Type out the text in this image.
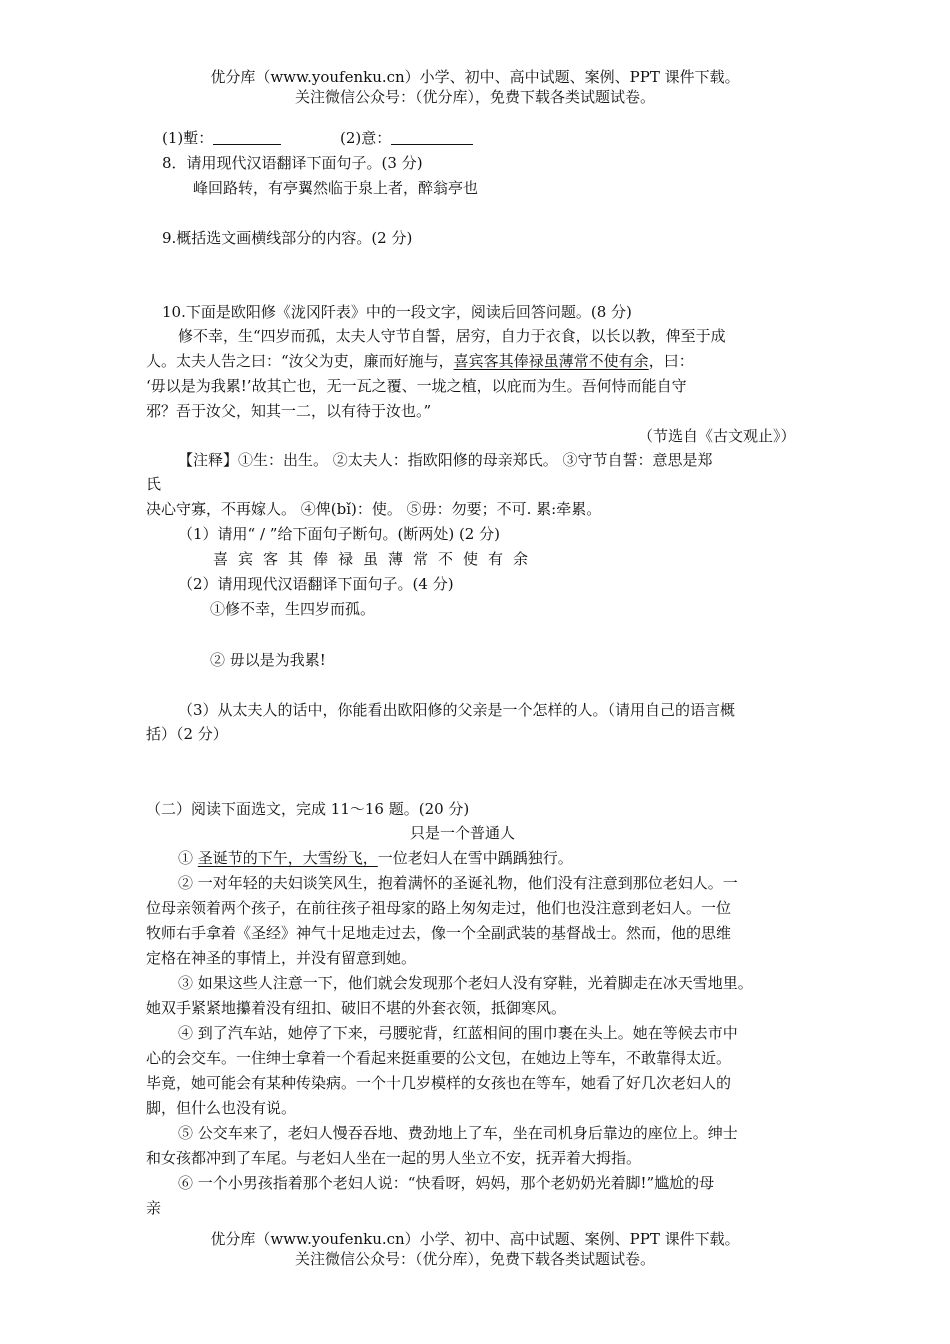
优分库（www.youfenku.cn）小学、初中、高中试题、案例、PPT 课件下载。
关注微信公众号：（优分库），免费下载各类试题试卷。
(1)塹：	(2)意：
8．请用现代汉语翻译下面句子。(3 分)
峰回路转，有亭翼然临于泉上者，醉翁亭也
9.概括选文画横线部分的内容。(2 分)
10.下面是欧阳修《泷冈阡表》中的一段文字，阅读后回答问题。(8 分)
修不幸，生“四岁而孤，太夫人守节自誓，居穷，自力于衣食，以长以教，俾至于成
人。太夫人告之曰：“汝父为吏，廉而好施与，喜宾客其俸禄虽薄常不使有余，曰：
‘毋以是为我累!’故其亡也，无一瓦之覆、一垅之植，以庇而为生。吾何恃而能自守
邪？吾于汝父，知其一二，以有待于汝也。”
（节选自《古文观止》）
【注释】①生：出生。 ②太夫人：指欧阳修的母亲郑氏。 ③守节自誓：意思是郑
氏
决心守寡，不再嫁人。 ④俾(bǐ)：使。 ⑤毋：勿要；不可. 累:牵累。
（1）请用“ / ”给下面句子断句。(断两处) (2 分)
喜宾客其俸禄虽薄常不使有余
（2）请用现代汉语翻译下面句子。(4 分)
①修不幸，生四岁而孤。
② 毋以是为我累!
（3）从太夫人的话中，你能看出欧阳修的父亲是一个怎样的人。（请用自己的语言概
括）（2 分）
（二）阅读下面选文，完成 11～16 题。(20 分)
只是一个普通人
① 圣诞节的下午，大雪纷飞，一位老妇人在雪中踽踽独行。
② 一对年轻的夫妇谈笑风生，抱着满怀的圣诞礼物，他们没有注意到那位老妇人。一
位母亲领着两个孩子，在前往孩子祖母家的路上匆匆走过，他们也没注意到老妇人。一位
牧师右手拿着《圣经》神气十足地走过去，像一个全副武装的基督战士。然而，他的思维
定格在神圣的事情上，并没有留意到她。
③ 如果这些人注意一下，他们就会发现那个老妇人没有穿鞋，光着脚走在冰天雪地里。
她双手紧紧地攥着没有纽扣、破旧不堪的外套衣领，抵御寒风。
④ 到了汽车站，她停了下来，弓腰驼背，红蓝相间的围巾裹在头上。她在等候去市中
心的会交车。一住绅士拿着一个看起来挺重要的公文包，在她边上等车，不敢靠得太近。
毕竟，她可能会有某种传染病。一个十几岁模样的女孩也在等车，她看了好几次老妇人的
脚，但什么也没有说。
⑤ 公交车来了，老妇人慢吞吞地、费劲地上了车，坐在司机身后靠边的座位上。绅士
和女孩都冲到了车尾。与老妇人坐在一起的男人坐立不安，抚弄着大拇指。
⑥ 一个小男孩指着那个老妇人说：“快看呀，妈妈，那个老奶奶光着脚!”尴尬的母
亲
优分库（www.youfenku.cn）小学、初中、高中试题、案例、PPT 课件下载。
关注微信公众号：（优分库），免费下载各类试题试卷。
